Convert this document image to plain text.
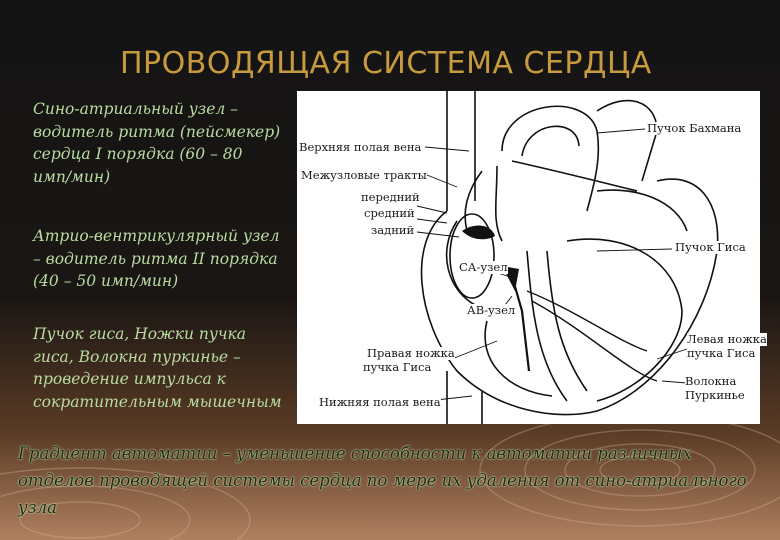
ПРОВОДЯЩАЯ СИСТЕМА СЕРДЦА
Сино-атриальный узел – водитель ритма (пейсмекер) сердца I порядка (60 – 80 имп/мин)
Атрио-вентрикулярный узел – водитель ритма II порядка (40 – 50 имп/мин)
Пучок гиса, Ножки пучка гиса, Волокна пуркинье – проведение импульса к сократительным мышечным
Верхняя полая вена
Межузловые тракты
передний
средний
задний
СА-узел
АВ-узел
Правая ножка
пучка Гиса
Нижняя полая вена
Пучок Бахмана
Пучок Гиса
Левая ножка
пучка Гиса
Волокна
Пуркинье
Градиент автоматии – уменьшение способности к автоматии различных отделов проводящей системы сердца по мере их удаления от сино-атриального узла
